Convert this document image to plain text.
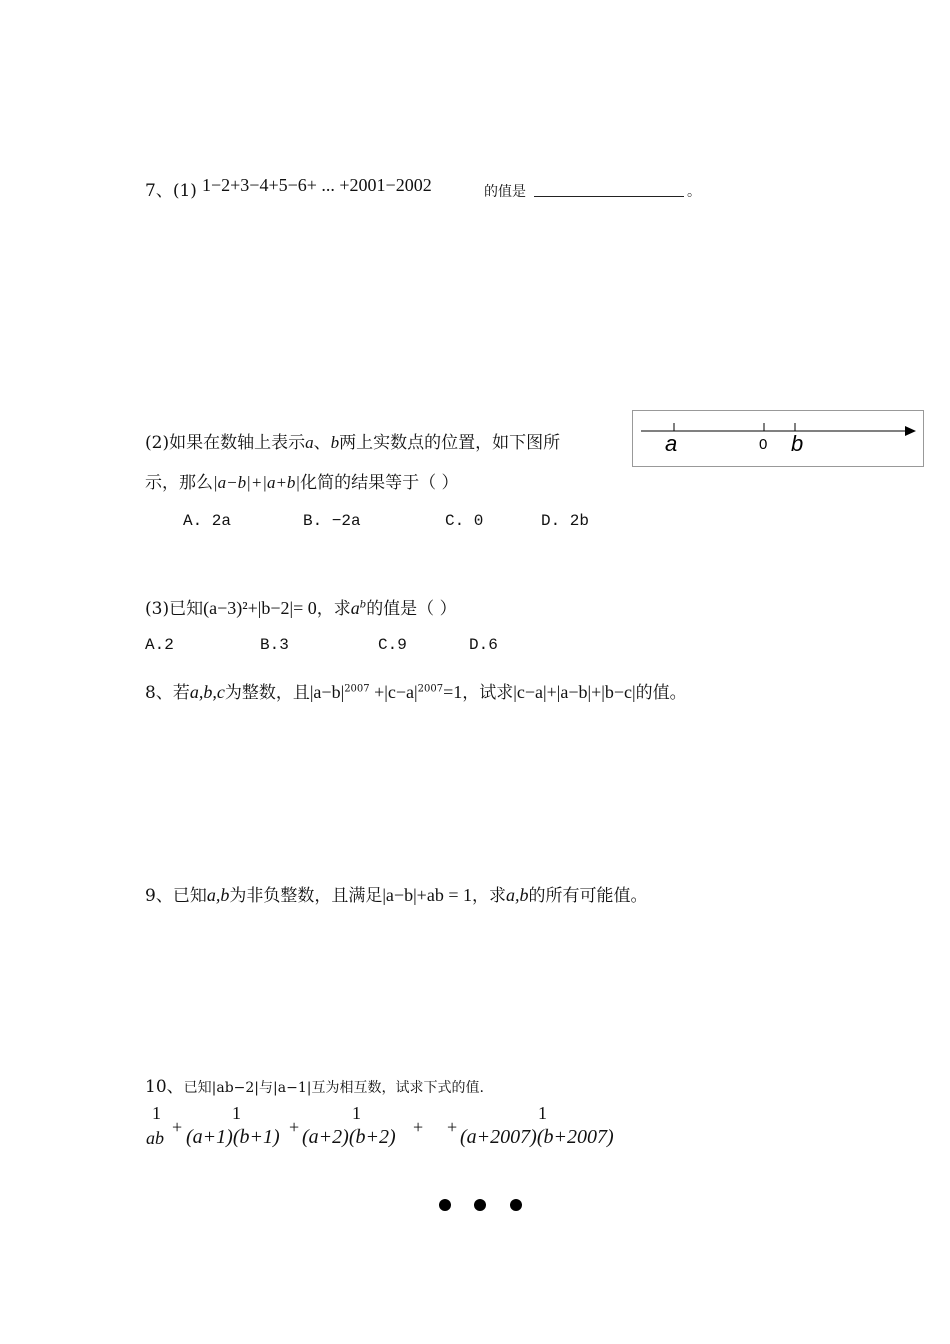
7、(1) 1−2+3−4+5−6+ ... +2001−2002	的值是	。
(2)如果在数轴上表示a、b两上实数点的位置，如下图所
示，那么|a−b|+|a+b|化简的结果等于（ ）
a	0 b
A. 2a	B. −2a	C. 0	D. 2b
(3)已知(a−3)²+|b−2|= 0，求$a^b$的值是（ ）
A.2	B.3	C.9	D.6
8、若a,b,c为整数，且$|a-b|^{2007} +|c-a|^{2007}=1$，试求|c−a|+|a−b|+|b−c|的值。
9、已知a,b为非负整数，且满足|a−b|+ab = 1，求a,b的所有可能值。
10、已知|ab−2|与|a−1|互为相互数，试求下式的值.
1
ab
+
1
(a+1)(b+1) +
1
(a+2)(b+2) + +
1
(a+2007)(b+2007)
